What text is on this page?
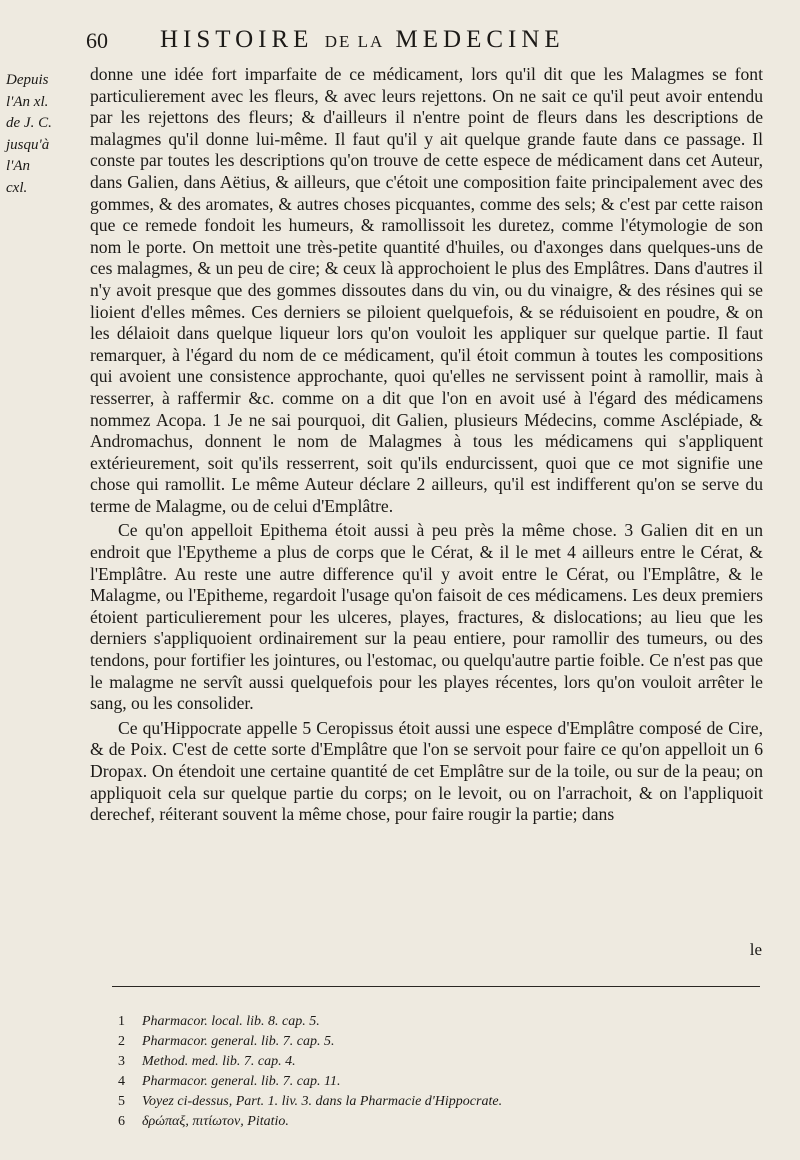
60 HISTOIRE DE LA MEDECINE
Depuis
l'An xl.
de J. C.
jusqu'à
l'An
cxl.

donne une idée fort imparfaite de ce médicament, lors qu'il dit que les Malagmes se font particulierement avec les fleurs, & avec leurs rejettons. On ne sait ce qu'il peut avoir entendu par les rejettons des fleurs; & d'ailleurs il n'entre point de fleurs dans les descriptions de malagmes qu'il donne lui-même. Il faut qu'il y ait quelque grande faute dans ce passage. Il conste par toutes les descriptions qu'on trouve de cette espece de médicament dans cet Auteur, dans Galien, dans Aëtius, & ailleurs, que c'étoit une composition faite principalement avec des gommes, & des aromates, & autres choses picquantes, comme des sels; & c'est par cette raison que ce remede fondoit les humeurs, & ramollissoit les duretez, comme l'étymologie de son nom le porte. On mettoit une très-petite quantité d'huiles, ou d'axonges dans quelques-uns de ces malagmes, & un peu de cire; & ceux là approchoient le plus des Emplâtres. Dans d'autres il n'y avoit presque que des gommes dissoutes dans du vin, ou du vinaigre, & des résines qui se lioient d'elles mêmes. Ces derniers se piloient quelquefois, & se réduisoient en poudre, & on les délaioit dans quelque liqueur lors qu'on vouloit les appliquer sur quelque partie. Il faut remarquer, à l'égard du nom de ce médicament, qu'il étoit commun à toutes les compositions qui avoient une consistence approchante, quoi qu'elles ne servissent point à ramollir, mais à resserrer, à raffermir &c. comme on a dit que l'on en avoit usé à l'égard des médicamens nommez Acopa. 1 Je ne sai pourquoi, dit Galien, plusieurs Médecins, comme Asclépiade, & Andromachus, donnent le nom de Malagmes à tous les médicamens qui s'appliquent extérieurement, soit qu'ils resserrent, soit qu'ils endurcissent, quoi que ce mot signifie une chose qui ramollit. Le même Auteur déclare 2 ailleurs, qu'il est indifferent qu'on se serve du terme de Malagme, ou de celui d'Emplâtre.

Ce qu'on appelloit Epithema étoit aussi à peu près la même chose. 3 Galien dit en un endroit que l'Epytheme a plus de corps que le Cérat, & il le met 4 ailleurs entre le Cérat, & l'Emplâtre. Au reste une autre difference qu'il y avoit entre le Cérat, ou l'Emplâtre, & le Malagme, ou l'Epitheme, regardoit l'usage qu'on faisoit de ces médicamens. Les deux premiers étoient particulierement pour les ulceres, playes, fractures, & dislocations; au lieu que les derniers s'appliquoient ordinairement sur la peau entiere, pour ramollir des tumeurs, ou des tendons, pour fortifier les jointures, ou l'estomac, ou quelqu'autre partie foible. Ce n'est pas que le malagme ne servît aussi quelquefois pour les playes récentes, lors qu'on vouloit arrêter le sang, ou les consolider.

Ce qu'Hippocrate appelle 5 Ceropissus étoit aussi une espece d'Emplâtre composé de Cire, & de Poix. C'est de cette sorte d'Emplâtre que l'on se servoit pour faire ce qu'on appelloit un 6 Dropax. On étendoit une certaine quantité de cet Emplâtre sur de la toile, ou sur de la peau; on appliquoit cela sur quelque partie du corps; on le levoit, ou on l'arrachoit, & on l'appliquoit derechef, réiterant souvent la même chose, pour faire rougir la partie; dans

le
1 Pharmacor. local. lib. 8. cap. 5.
2 Pharmacor. general. lib. 7. cap. 5.
3 Method. med. lib. 7. cap. 4.
4 Pharmacor. general. lib. 7. cap. 11.
5 Voyez ci-dessus, Part. 1. liv. 3. dans la Pharmacie d'Hippocrate.
6 δρώπαξ, πιτίωτον, Pitatio.
